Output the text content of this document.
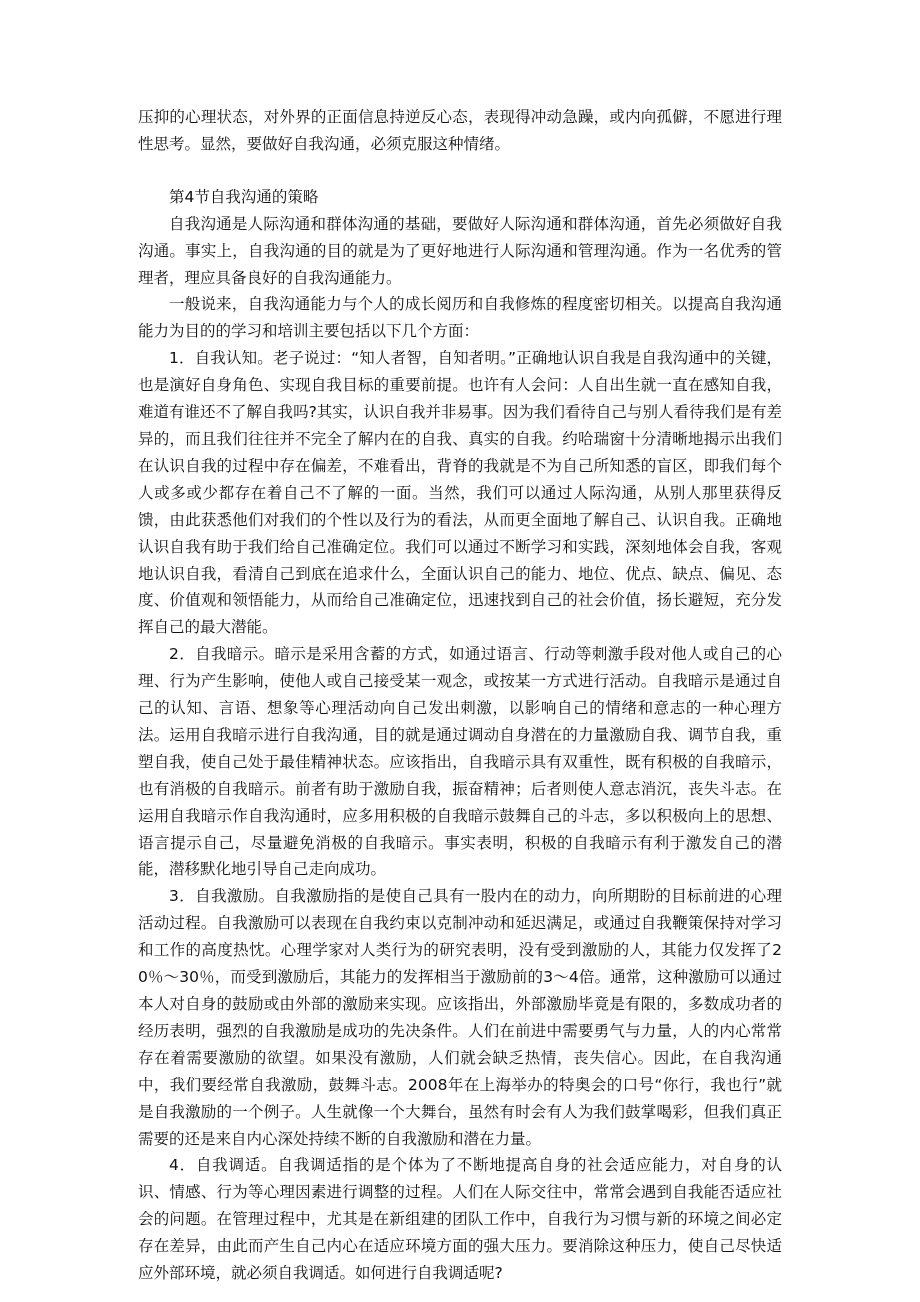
压抑的心理状态，对外界的正面信息持逆反心态，表现得冲动急躁，或内向孤僻，不愿进行理性思考。显然，要做好自我沟通，必须克服这种情绪。

第4节自我沟通的策略

自我沟通是人际沟通和群体沟通的基础，要做好人际沟通和群体沟通，首先必须做好自我沟通。事实上，自我沟通的目的就是为了更好地进行人际沟通和管理沟通。作为一名优秀的管理者，理应具备良好的自我沟通能力。

一般说来，自我沟通能力与个人的成长阅历和自我修炼的程度密切相关。以提高自我沟通能力为目的的学习和培训主要包括以下几个方面：

1．自我认知。老子说过：“知人者智，自知者明。”正确地认识自我是自我沟通中的关键，也是演好自身角色、实现自我目标的重要前提。也许有人会问：人自出生就一直在感知自我，难道有谁还不了解自我吗?其实，认识自我并非易事。因为我们看待自己与别人看待我们是有差异的，而且我们往往并不完全了解内在的自我、真实的自我。约哈瑞窗十分清晰地揭示出我们在认识自我的过程中存在偏差，不难看出，背脊的我就是不为自己所知悉的盲区，即我们每个人或多或少都存在着自己不了解的一面。当然，我们可以通过人际沟通，从别人那里获得反馈，由此获悉他们对我们的个性以及行为的看法，从而更全面地了解自己、认识自我。正确地认识自我有助于我们给自己准确定位。我们可以通过不断学习和实践，深刻地体会自我，客观地认识自我，看清自己到底在追求什么，全面认识自己的能力、地位、优点、缺点、偏见、态度、价值观和领悟能力，从而给自己准确定位，迅速找到自己的社会价值，扬长避短，充分发挥自己的最大潜能。

2．自我暗示。暗示是采用含蓄的方式，如通过语言、行动等刺激手段对他人或自己的心理、行为产生影响，使他人或自己接受某一观念，或按某一方式进行活动。自我暗示是通过自己的认知、言语、想象等心理活动向自己发出刺激，以影响自己的情绪和意志的一种心理方法。运用自我暗示进行自我沟通，目的就是通过调动自身潜在的力量激励自我、调节自我，重塑自我，使自己处于最佳精神状态。应该指出，自我暗示具有双重性，既有积极的自我暗示，也有消极的自我暗示。前者有助于激励自我，振奋精神；后者则使人意志消沉，丧失斗志。在运用自我暗示作自我沟通时，应多用积极的自我暗示鼓舞自己的斗志，多以积极向上的思想、语言提示自己，尽量避免消极的自我暗示。事实表明，积极的自我暗示有利于激发自己的潜能，潜移默化地引导自己走向成功。

3．自我激励。自我激励指的是使自己具有一股内在的动力，向所期盼的目标前进的心理活动过程。自我激励可以表现在自我约束以克制冲动和延迟满足，或通过自我鞭策保持对学习和工作的高度热忱。心理学家对人类行为的研究表明，没有受到激励的人，其能力仅发挥了20％～30％，而受到激励后，其能力的发挥相当于激励前的3～4倍。通常，这种激励可以通过本人对自身的鼓励或由外部的激励来实现。应该指出，外部激励毕竟是有限的，多数成功者的经历表明，强烈的自我激励是成功的先决条件。人们在前进中需要勇气与力量，人的内心常常存在着需要激励的欲望。如果没有激励，人们就会缺乏热情，丧失信心。因此，在自我沟通中，我们要经常自我激励，鼓舞斗志。2008年在上海举办的特奥会的口号“你行，我也行”就是自我激励的一个例子。人生就像一个大舞台，虽然有时会有人为我们鼓掌喝彩，但我们真正需要的还是来自内心深处持续不断的自我激励和潜在力量。

4．自我调适。自我调适指的是个体为了不断地提高自身的社会适应能力，对自身的认识、情感、行为等心理因素进行调整的过程。人们在人际交往中，常常会遇到自我能否适应社会的问题。在管理过程中，尤其是在新组建的团队工作中，自我行为习惯与新的环境之间必定存在差异，由此而产生自己内心在适应环境方面的强大压力。要消除这种压力，使自己尽快适应外部环境，就必须自我调适。如何进行自我调适呢?
